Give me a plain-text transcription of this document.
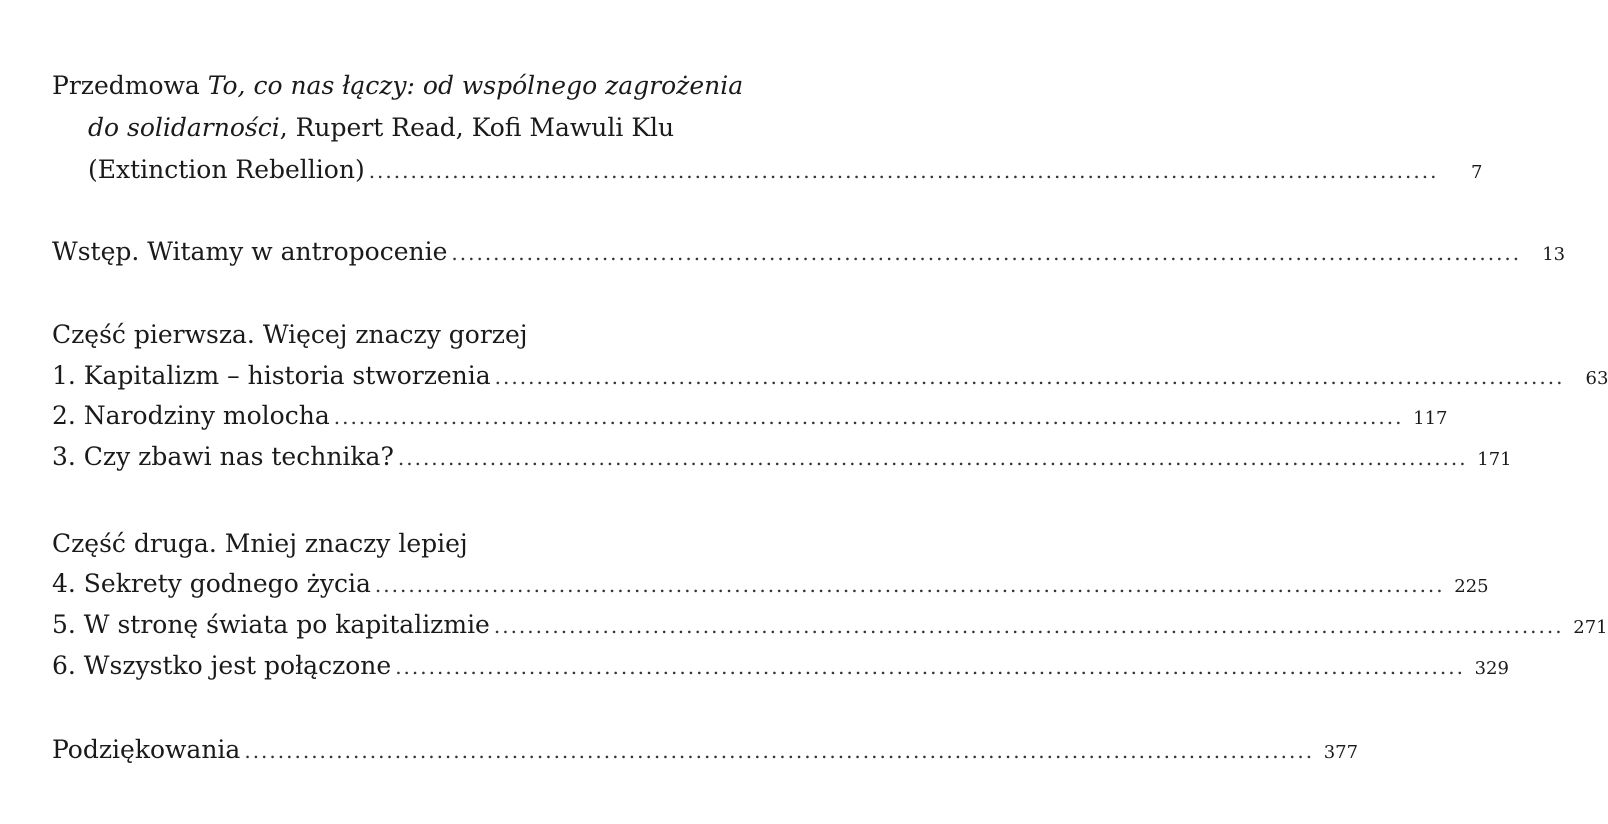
Przedmowa To, co nas łączy: od wspólnego zagrożenia
do solidarności, Rupert Read, Kofi Mawuli Klu
(Extinction Rebellion) ................................................................................................................................	7
Wstęp. Witamy w antropocenie ................................................................................................................................	13
Część pierwsza. Więcej znaczy gorzej
1. Kapitalizm – historia stworzenia ................................................................................................................................	63
2. Narodziny molocha ................................................................................................................................ 117
3. Czy zbawi nas technika? ................................................................................................................................ 171
Część druga. Mniej znaczy lepiej
4. Sekrety godnego życia ................................................................................................................................ 225
5. W stronę świata po kapitalizmie ................................................................................................................................ 271
6. Wszystko jest połączone ................................................................................................................................ 329
Podziękowania ................................................................................................................................ 377
